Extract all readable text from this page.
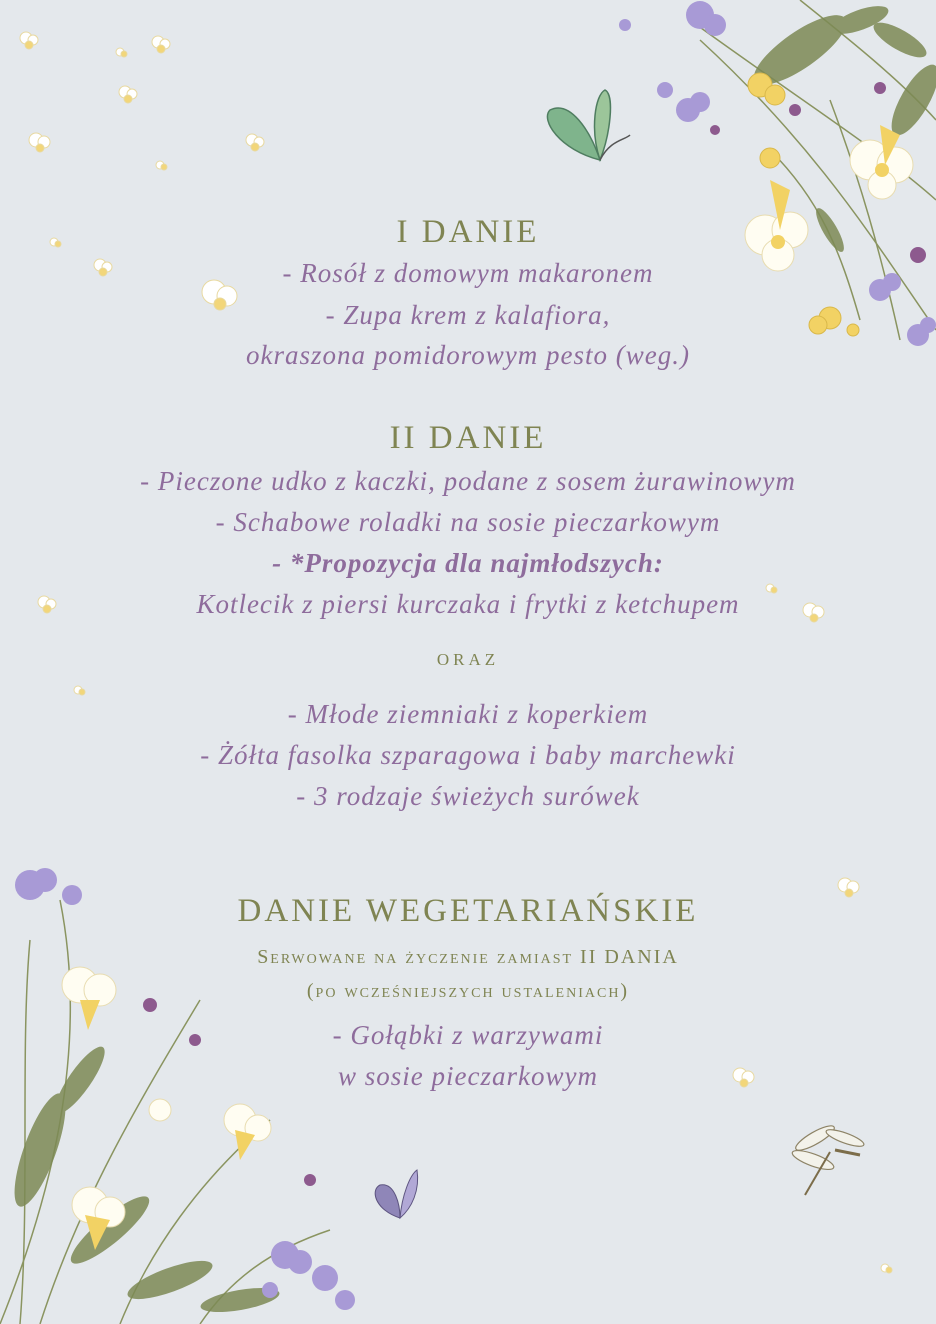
I DANIE
- Rosół z domowym makaronem
- Zupa krem z kalafiora,
okraszona pomidorowym pesto (weg.)
II DANIE
- Pieczone udko z kaczki, podane z sosem żurawinowym
- Schabowe roladki na sosie pieczarkowym
- *Propozycja dla najmłodszych:
Kotlecik z piersi kurczaka i frytki z ketchupem
ORAZ
- Młode ziemniaki z koperkiem
- Żółta fasolka szparagowa i baby marchewki
- 3 rodzaje świeżych surówek
DANIE WEGETARIAŃSKIE
Serwowane na życzenie zamiast II DANIA
(po wcześniejszych ustaleniach)
- Gołąbki z warzywami
w sosie pieczarkowym
